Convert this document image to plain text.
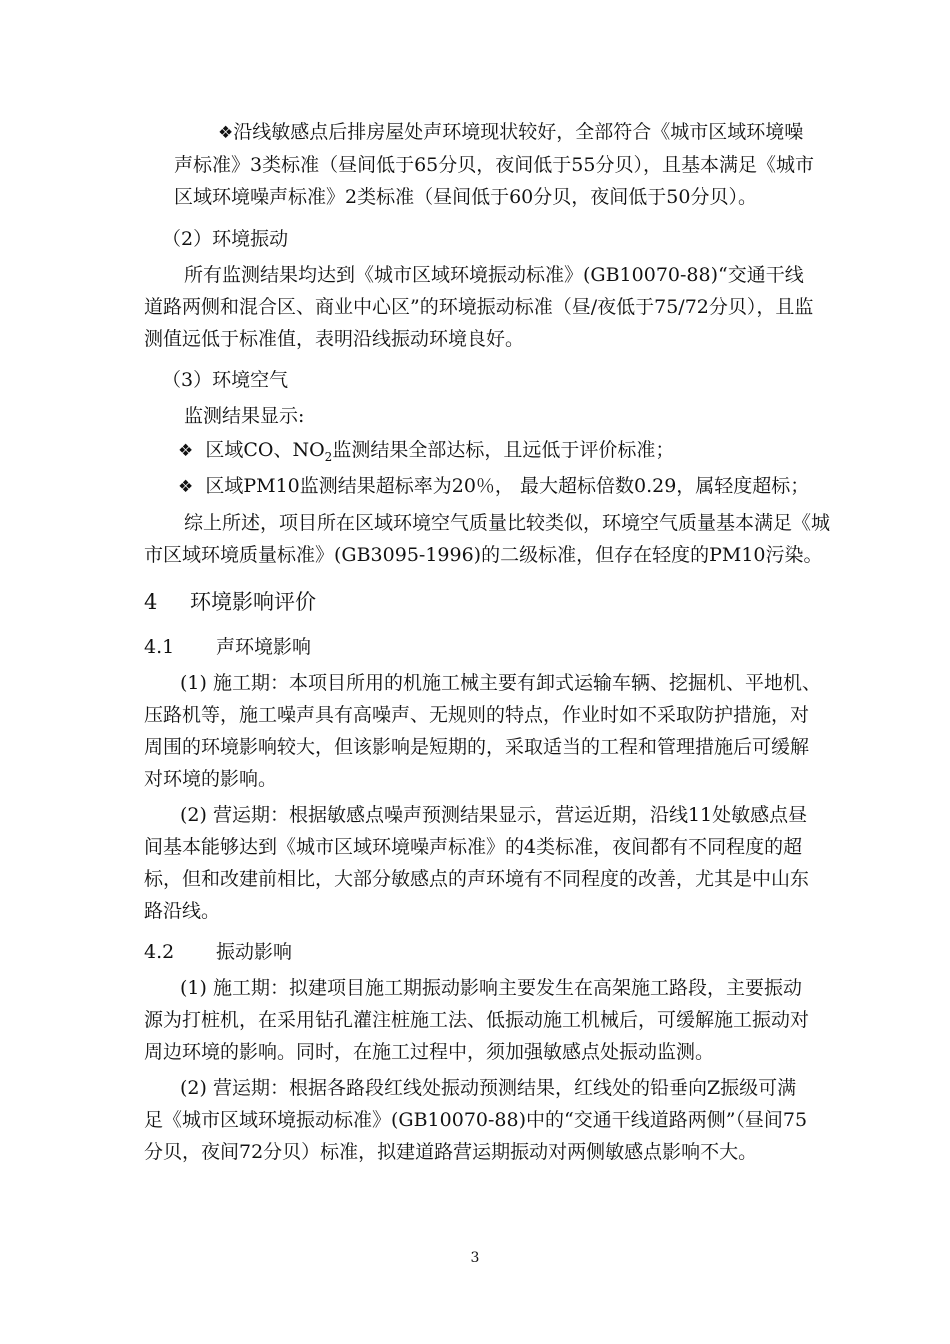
❖沿线敏感点后排房屋处声环境现状较好，全部符合《城市区域环境噪
声标准》3类标准（昼间低于65分贝，夜间低于55分贝），且基本满足《城市
区域环境噪声标准》2类标准（昼间低于60分贝，夜间低于50分贝）。
（2）环境振动
所有监测结果均达到《城市区域环境振动标准》(GB10070-88)“交通干线
道路两侧和混合区、商业中心区”的环境振动标准（昼/夜低于75/72分贝），且监
测值远低于标准值，表明沿线振动环境良好。
（3）环境空气
监测结果显示:
❖ 区域CO、$NO_2$监测结果全部达标，且远低于评价标准；
❖ 区域PM10监测结果超标率为20％， 最大超标倍数0.29，属轻度超标；
综上所述，项目所在区域环境空气质量比较类似，环境空气质量基本满足《城
市区域环境质量标准》(GB3095-1996)的二级标准，但存在轻度的PM10污染。
4 环境影响评价
4.1 声环境影响
(1) 施工期：本项目所用的机施工械主要有卸式运输车辆、挖掘机、平地机、
压路机等，施工噪声具有高噪声、无规则的特点，作业时如不采取防护措施，对
周围的环境影响较大，但该影响是短期的，采取适当的工程和管理措施后可缓解
对环境的影响。
(2) 营运期：根据敏感点噪声预测结果显示，营运近期，沿线11处敏感点昼
间基本能够达到《城市区域环境噪声标准》的4类标准，夜间都有不同程度的超
标，但和改建前相比，大部分敏感点的声环境有不同程度的改善，尤其是中山东
路沿线。
4.2 振动影响
(1) 施工期：拟建项目施工期振动影响主要发生在高架施工路段，主要振动
源为打桩机，在采用钻孔灌注桩施工法、低振动施工机械后，可缓解施工振动对
周边环境的影响。同时，在施工过程中，须加强敏感点处振动监测。
(2) 营运期：根据各路段红线处振动预测结果，红线处的铅垂向Z振级可满
足《城市区域环境振动标准》(GB10070-88)中的“交通干线道路两侧”（昼间75
分贝，夜间72分贝）标准，拟建道路营运期振动对两侧敏感点影响不大。
3
